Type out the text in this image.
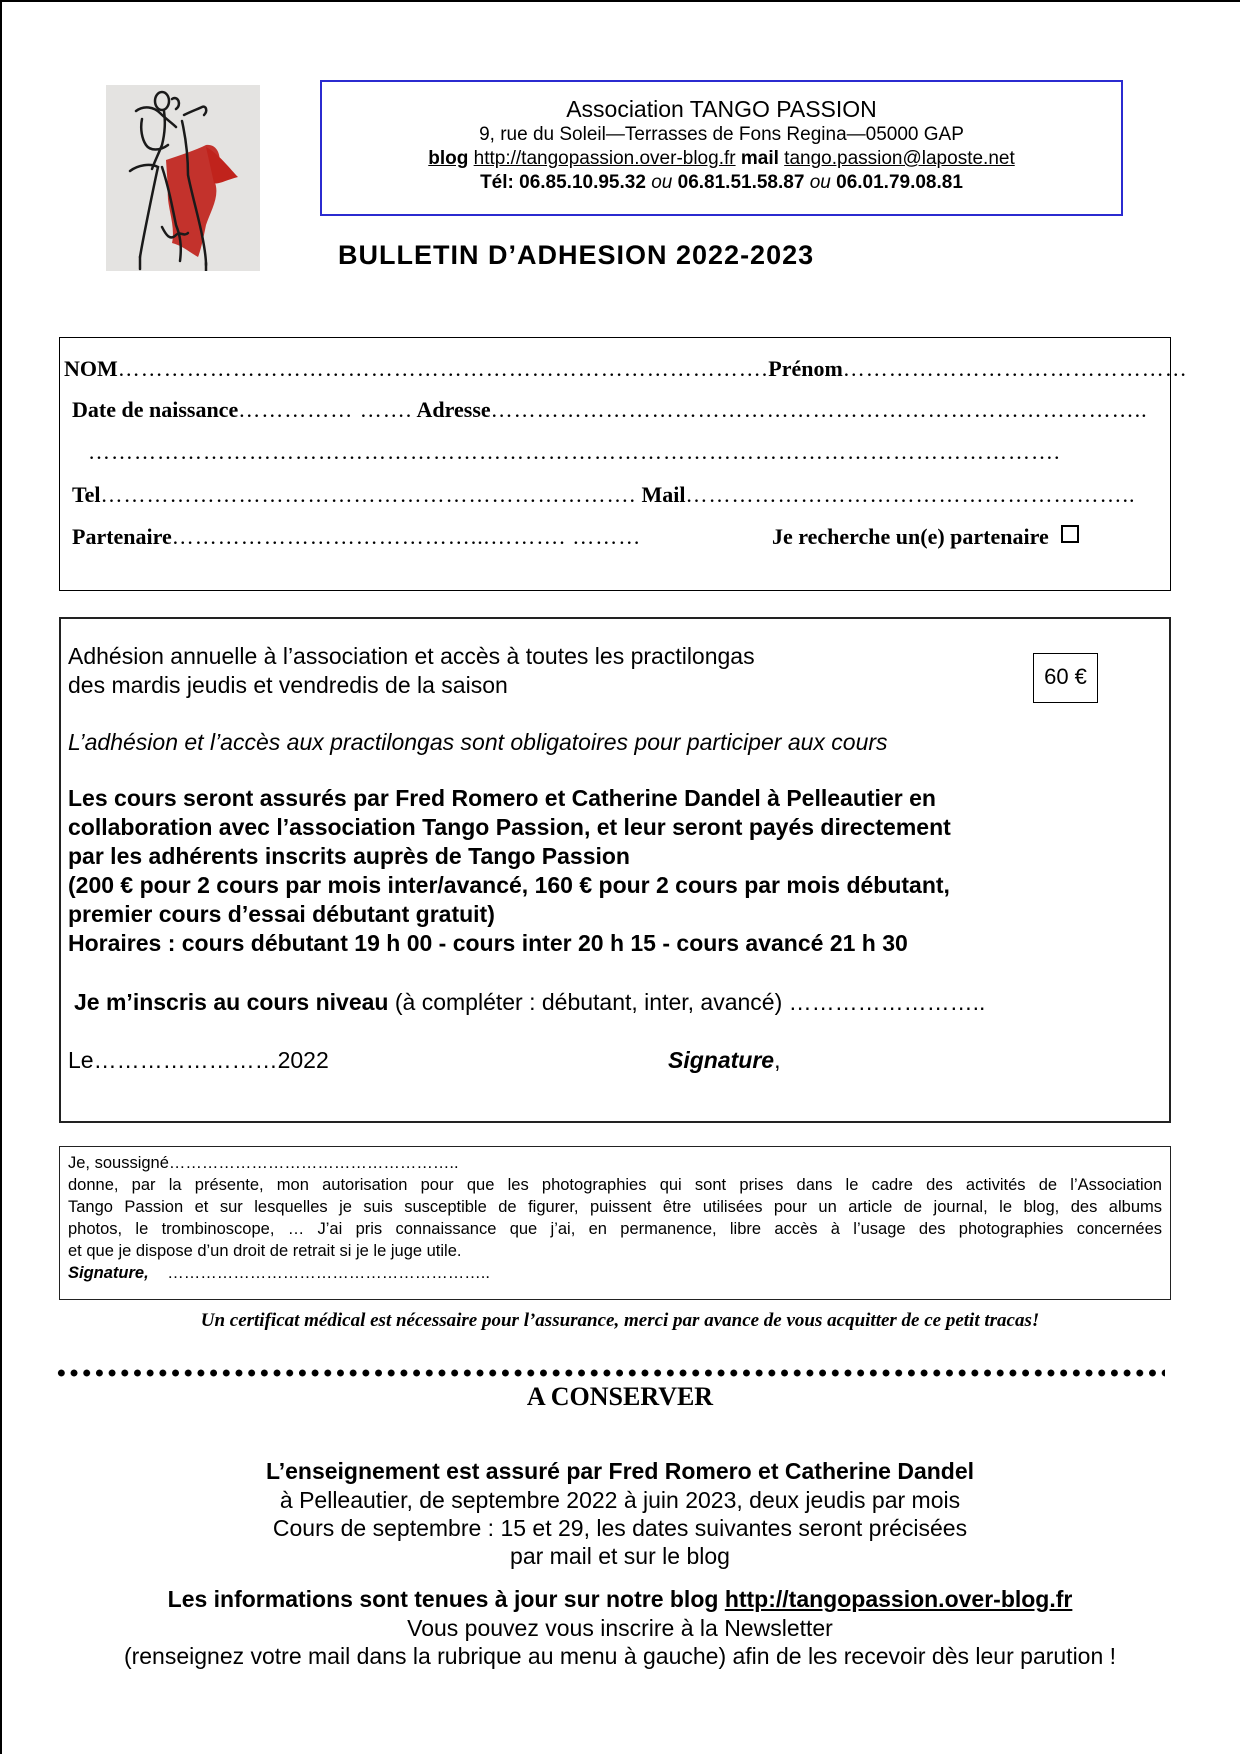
Association TANGO PASSION
9, rue du Soleil—Terrasses de Fons Regina—05000 GAP
blog http://tangopassion.over-blog.fr mail tango.passion@laposte.net
Tél: 06.85.10.95.32 ou 06.81.51.58.87 ou 06.01.79.08.81
BULLETIN D’ADHESION 2022-2023
NOM………………………………………………………………………….Prénom………………………………………
Date de naissance…………… ……. Adresse…………………………………………………………………………..
……………………………………………………………………………………………………………….
Tel……………………………………………………………. Mail…………………………………………………..
Partenaire…………………………………...………. ………	Je recherche un(e) partenaire
Adhésion annuelle à l’association et accès à toutes les practilongas
des mardis jeudis et vendredis de la saison
L’adhésion et l’accès aux practilongas sont obligatoires pour participer aux cours
Les cours seront assurés par Fred Romero et Catherine Dandel à Pelleautier en
collaboration avec l’association Tango Passion, et leur seront payés directement
par les adhérents inscrits auprès de Tango Passion
(200 € pour 2 cours par mois inter/avancé, 160 € pour 2 cours par mois débutant,
premier cours d’essai débutant gratuit)
Horaires : cours débutant 19 h 00 - cours inter 20 h 15 - cours avancé 21 h 30
Je m’inscris au cours niveau (à compléter : débutant, inter, avancé) ……………………..
Le……………………2022	Signature,
60 €
Je, soussigné……………………………………………..
donne, par la présente, mon autorisation pour que les photographies qui sont prises dans le cadre des activités de l’Association
Tango Passion et sur lesquelles je suis susceptible de figurer, puissent être utilisées pour un article de journal, le blog, des albums
photos, le trombinoscope, … J’ai pris connaissance que j’ai, en permanence, libre accès à l’usage des photographies concernées
et que je dispose d’un droit de retrait si je le juge utile.
Signature, …………………………………………………..
Un certificat médical est nécessaire pour l’assurance, merci par avance de vous acquitter de ce petit tracas!
A CONSERVER
L’enseignement est assuré par Fred Romero et Catherine Dandel
à Pelleautier, de septembre 2022 à juin 2023, deux jeudis par mois
Cours de septembre : 15 et 29, les dates suivantes seront précisées
par mail et sur le blog
Les informations sont tenues à jour sur notre blog http://tangopassion.over-blog.fr
Vous pouvez vous inscrire à la Newsletter
(renseignez votre mail dans la rubrique au menu à gauche) afin de les recevoir dès leur parution !
